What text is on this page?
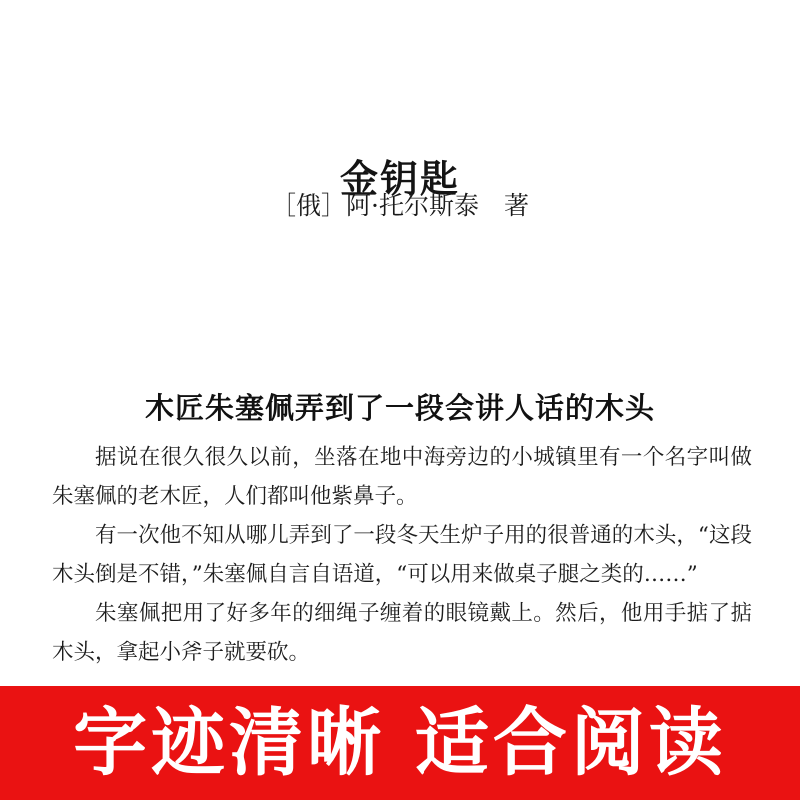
金钥匙
［俄］阿·托尔斯泰　著
木匠朱塞佩弄到了一段会讲人话的木头

据说在很久很久以前，坐落在地中海旁边的小城镇里有一个名字叫做朱塞佩的老木匠，人们都叫他紫鼻子。

有一次他不知从哪儿弄到了一段冬天生炉子用的很普通的木头，“这段木头倒是不错，”朱塞佩自言自语道，“可以用来做桌子腿之类的……”

朱塞佩把用了好多年的细绳子缠着的眼镜戴上。然后，他用手掂了掂木头，拿起小斧子就要砍。

字迹清晰 适合阅读
